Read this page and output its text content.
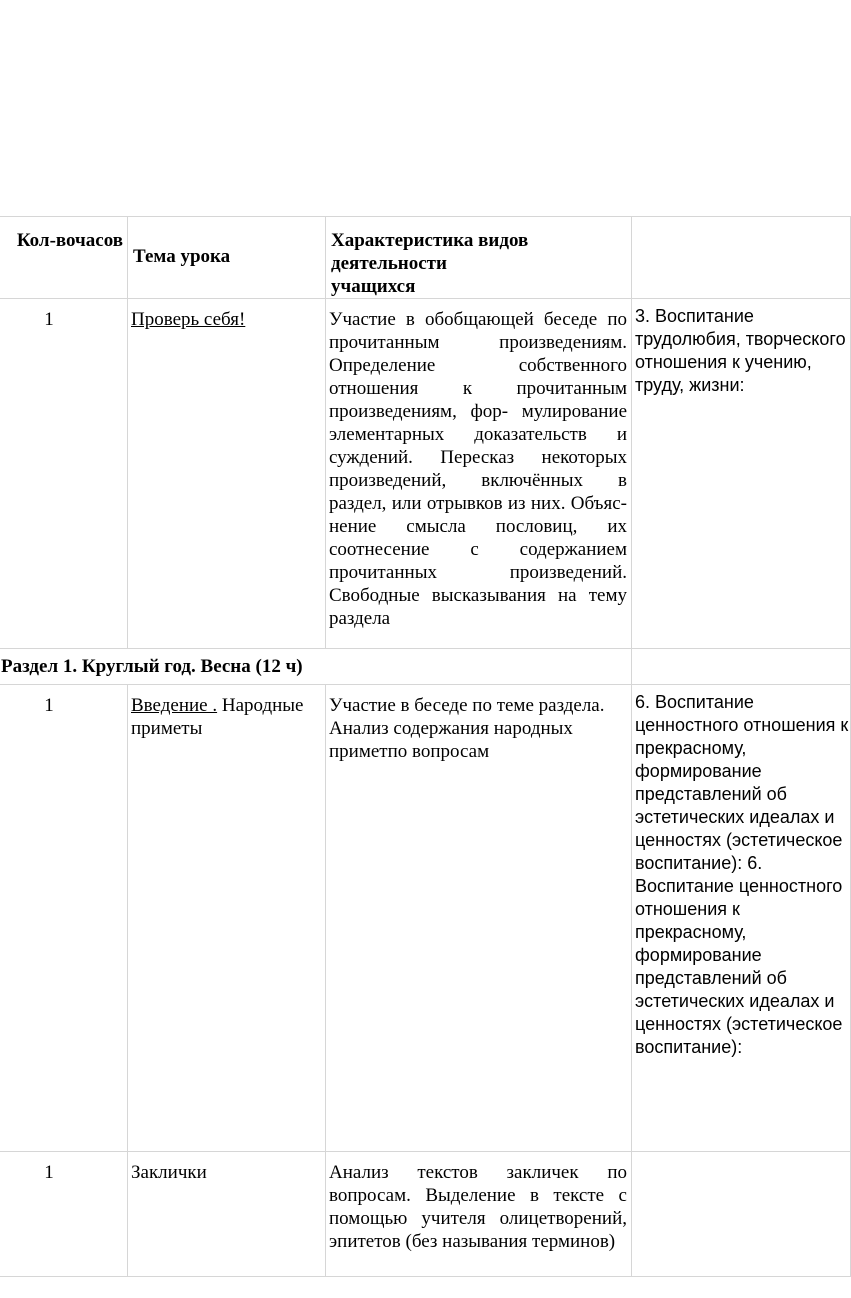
Кол-вочасов	Тема урока	Характеристика видов
деятельности
учащихся	
1	Проверь себя!	Участие в обобщающей беседе по прочитанным произведениям. Определение собственного отношения к прочитанным произведениям, фор- мулирование элементарных доказательств и суждений. Пересказ некоторых произведений, включённых в раздел, или отрывков из них. Объяс- нение смысла пословиц, их соотнесение с содержанием прочитанных произведений. Свободные высказывания на тему раздела	3. Воспитание трудолюбия, творческого отношения к учению, труду, жизни:
Раздел 1. Круглый год. Весна (12 ч)			
1	Введение . Народные приметы	Участие в беседе по теме раздела. Анализ содержания народных приметпо вопросам	6. Воспитание ценностного отношения к прекрасному, формирование представлений об эстетических идеалах и ценностях (эстетическое воспитание): 6. Воспитание ценностного отношения к прекрасному, формирование представлений об эстетических идеалах и ценностях (эстетическое воспитание):
1	Заклички	Анализ текстов закличек по вопросам. Выделение в тексте с помощью учителя олицетворений, эпитетов (без называния терминов)	
